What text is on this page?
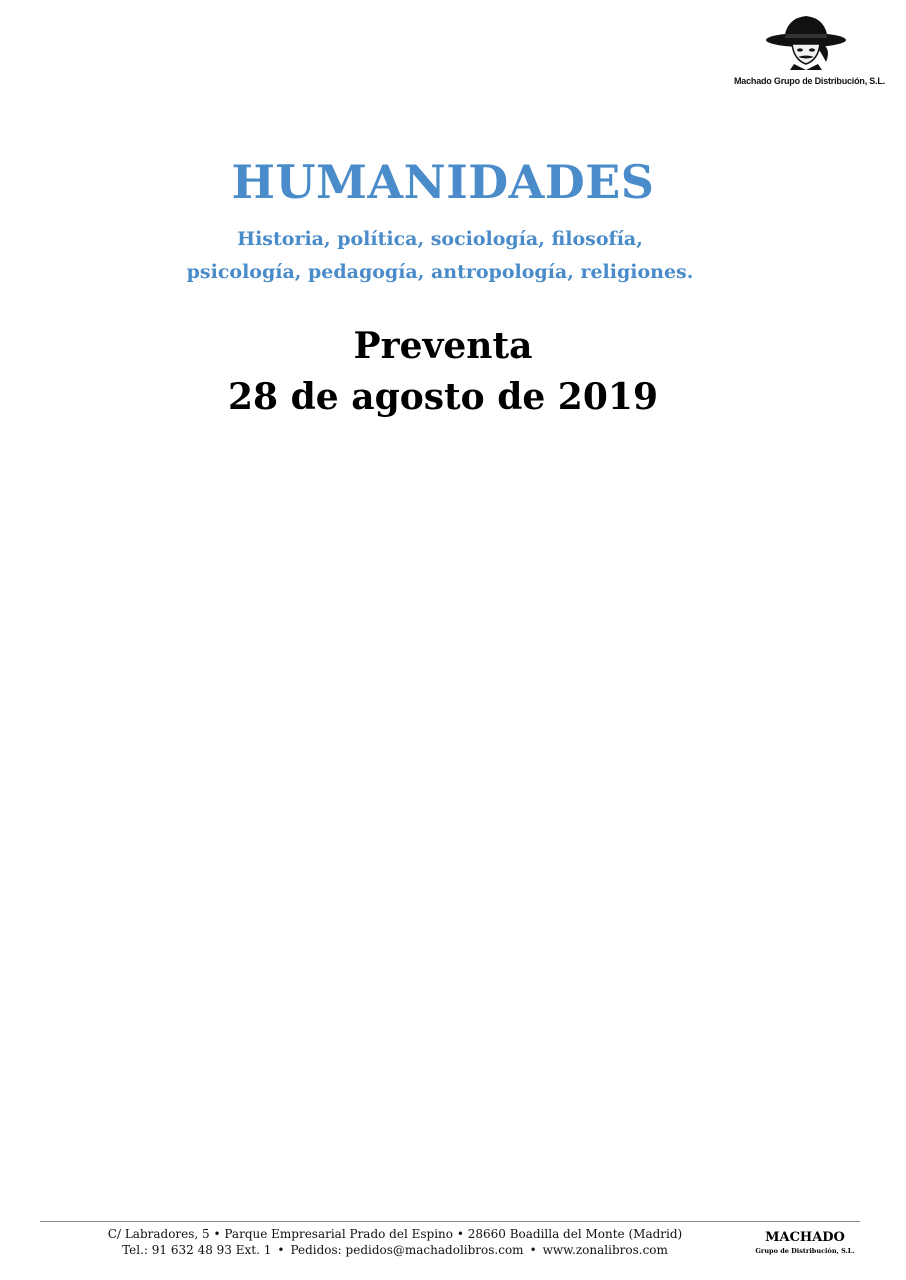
Machado Grupo de Distribución, S.L.
HUMANIDADES
Historia, política, sociología, filosofía,
psicología, pedagogía, antropología, religiones.
Preventa
28 de agosto de 2019
C/ Labradores, 5 • Parque Empresarial Prado del Espino • 28660 Boadilla del Monte (Madrid)
Tel.: 91 632 48 93 Ext. 1 • Pedidos: pedidos@machadolibros.com • www.zonalibros.com
MACHADO
Grupo de Distribución, S.L.
